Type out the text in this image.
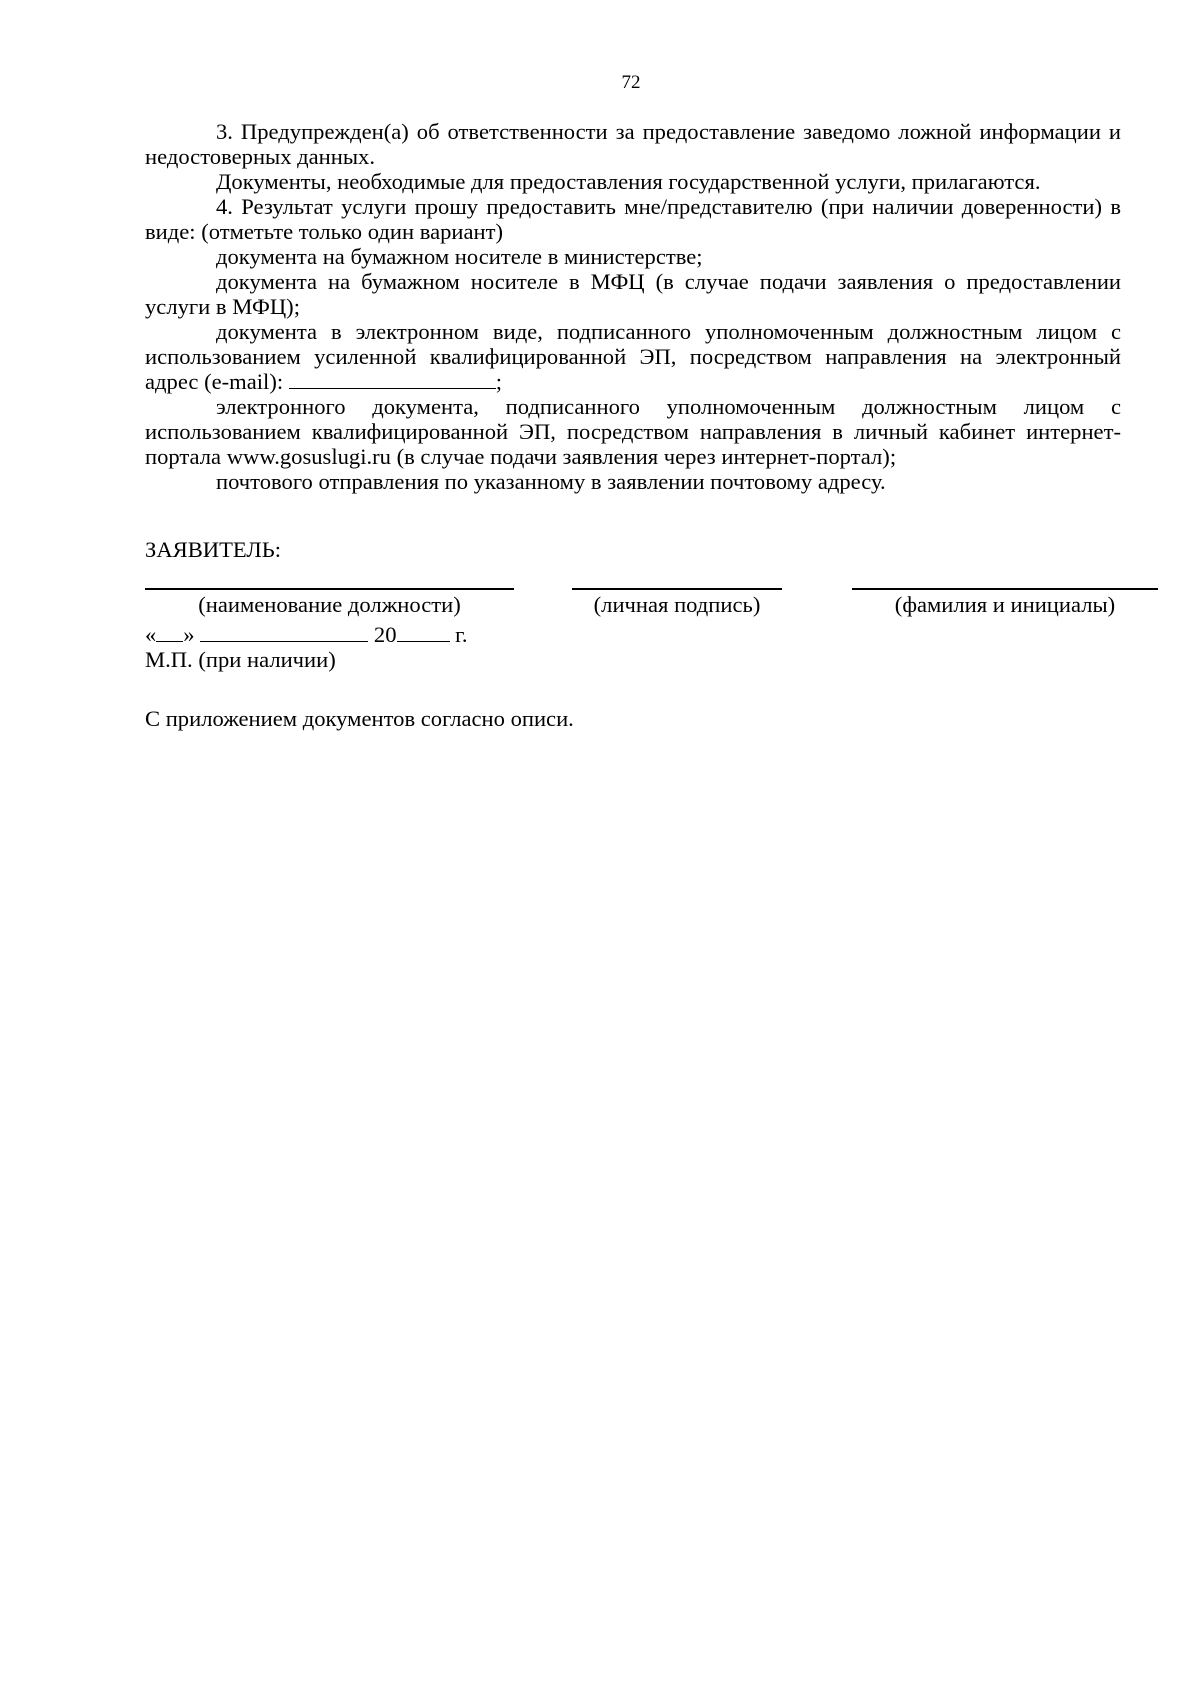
72

3. Предупрежден(а) об ответственности за предоставление заведомо ложной информации и недостоверных данных.

Документы, необходимые для предоставления государственной услуги, прилагаются.

4. Результат услуги прошу предоставить мне/представителю (при наличии доверенности) в виде: (отметьте только один вариант)

документа на бумажном носителе в министерстве;

документа на бумажном носителе в МФЦ (в случае подачи заявления о предоставлении услуги в МФЦ);

документа в электронном виде, подписанного уполномоченным должностным лицом с использованием усиленной квалифицированной ЭП, посредством направления на электронный адрес (e-mail):	;

электронного документа, подписанного уполномоченным должностным лицом с использованием квалифицированной ЭП, посредством направления в личный кабинет интернет-портала www.gosuslugi.ru (в случае подачи заявления через интернет-портал);

почтового отправления по указанному в заявлении почтовому адресу.

ЗАЯВИТЕЛЬ:
(наименование должности)	(личная подпись)	(фамилия и инициалы)
« »	20	г.
М.П. (при наличии)
С приложением документов согласно описи.
